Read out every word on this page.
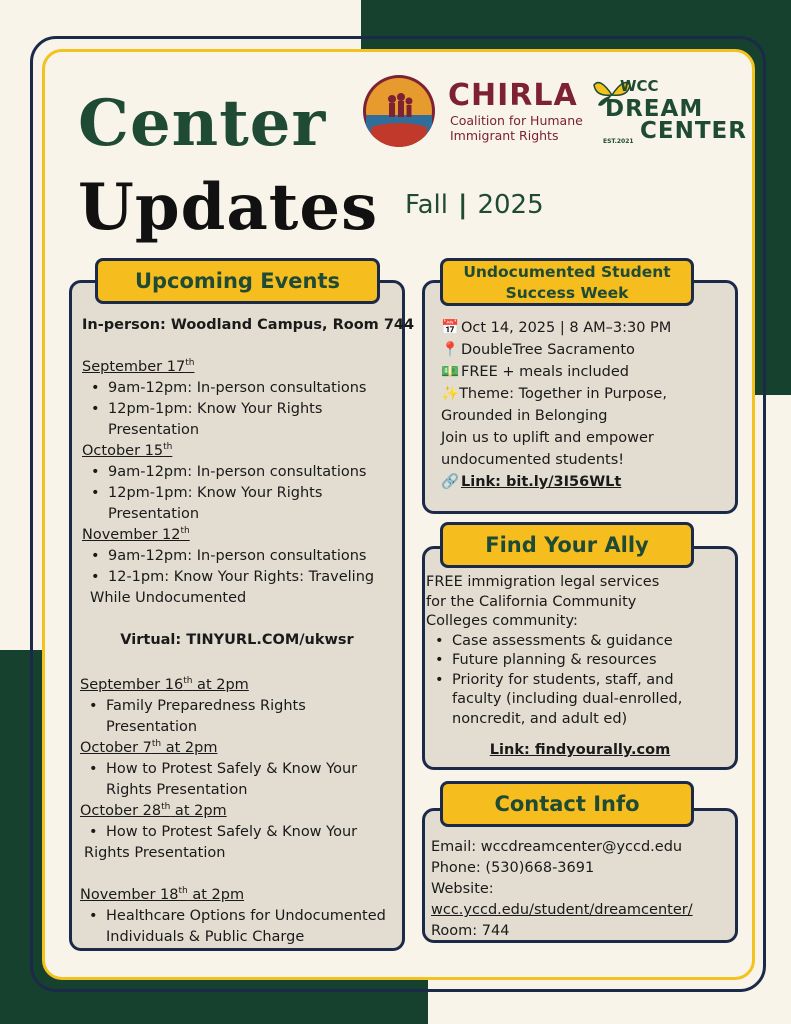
Center
Updates Fall | 2025
CHIRLA
Coalition for Humane
Immigrant Rights
WCC
DREAM
CENTER
EST.2021
Upcoming Events
In-person: Woodland Campus, Room 744
September 17th
• 9am-12pm: In-person consultations
• 12pm-1pm: Know Your Rights
Presentation
October 15th
• 9am-12pm: In-person consultations
• 12pm-1pm: Know Your Rights
Presentation
November 12th
• 9am-12pm: In-person consultations
• 12-1pm: Know Your Rights: Traveling
While Undocumented
Virtual: TINYURL.COM/ukwsr
September 16th at 2pm
• Family Preparedness Rights
Presentation
October 7th at 2pm
• How to Protest Safely & Know Your
Rights Presentation
October 28th at 2pm
• How to Protest Safely & Know Your
Rights Presentation
November 18th at 2pm
• Healthcare Options for Undocumented
Individuals & Public Charge
Undocumented Student
Success Week
📅 Oct 14, 2025 | 8 AM–3:30 PM
📍 DoubleTree Sacramento
💵 FREE + meals included
✨Theme: Together in Purpose,
Grounded in Belonging
Join us to uplift and empower
undocumented students!
🔗 Link: bit.ly/3I56WLt
Find Your Ally
FREE immigration legal services
for the California Community
Colleges community:
• Case assessments & guidance
• Future planning & resources
• Priority for students, staff, and
faculty (including dual-enrolled,
noncredit, and adult ed)
Link: findyourally.com
Contact Info
Email: wccdreamcenter@yccd.edu
Phone: (530)668-3691
Website:
wcc.yccd.edu/student/dreamcenter/
Room: 744
